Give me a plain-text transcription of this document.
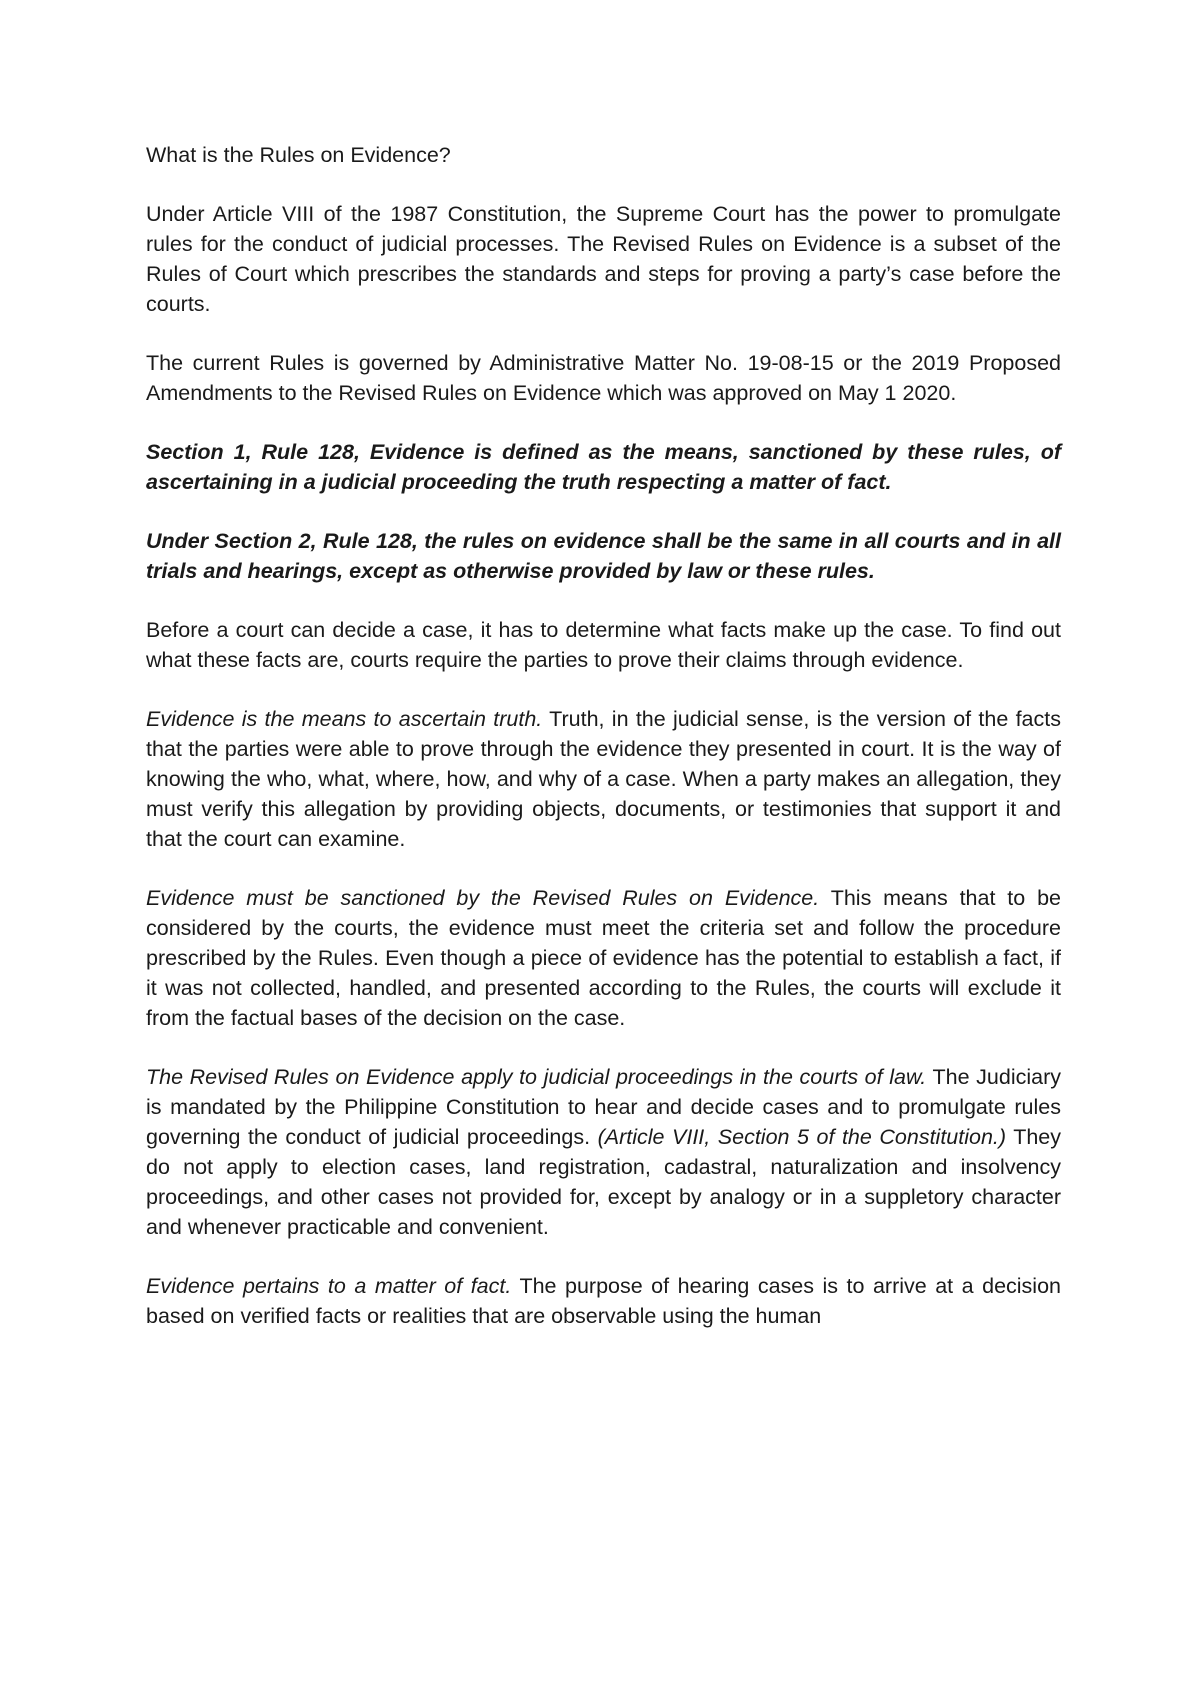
What is the Rules on Evidence?

Under Article VIII of the 1987 Constitution, the Supreme Court has the power to promulgate rules for the conduct of judicial processes. The Revised Rules on Evidence is a subset of the Rules of Court which prescribes the standards and steps for proving a party’s case before the courts.

The current Rules is governed by Administrative Matter No. 19-08-15 or the 2019 Proposed Amendments to the Revised Rules on Evidence which was approved on May 1 2020.

Section 1, Rule 128, Evidence is defined as the means, sanctioned by these rules, of ascertaining in a judicial proceeding the truth respecting a matter of fact.

Under Section 2, Rule 128, the rules on evidence shall be the same in all courts and in all trials and hearings, except as otherwise provided by law or these rules.

Before a court can decide a case, it has to determine what facts make up the case. To find out what these facts are, courts require the parties to prove their claims through evidence.

Evidence is the means to ascertain truth. Truth, in the judicial sense, is the version of the facts that the parties were able to prove through the evidence they presented in court. It is the way of knowing the who, what, where, how, and why of a case. When a party makes an allegation, they must verify this allegation by providing objects, documents, or testimonies that support it and that the court can examine.

Evidence must be sanctioned by the Revised Rules on Evidence. This means that to be considered by the courts, the evidence must meet the criteria set and follow the procedure prescribed by the Rules. Even though a piece of evidence has the potential to establish a fact, if it was not collected, handled, and presented according to the Rules, the courts will exclude it from the factual bases of the decision on the case.

The Revised Rules on Evidence apply to judicial proceedings in the courts of law. The Judiciary is mandated by the Philippine Constitution to hear and decide cases and to promulgate rules governing the conduct of judicial proceedings. (Article VIII, Section 5 of the Constitution.) They do not apply to election cases, land registration, cadastral, naturalization and insolvency proceedings, and other cases not provided for, except by analogy or in a suppletory character and whenever practicable and convenient.

Evidence pertains to a matter of fact. The purpose of hearing cases is to arrive at a decision based on verified facts or realities that are observable using the human
